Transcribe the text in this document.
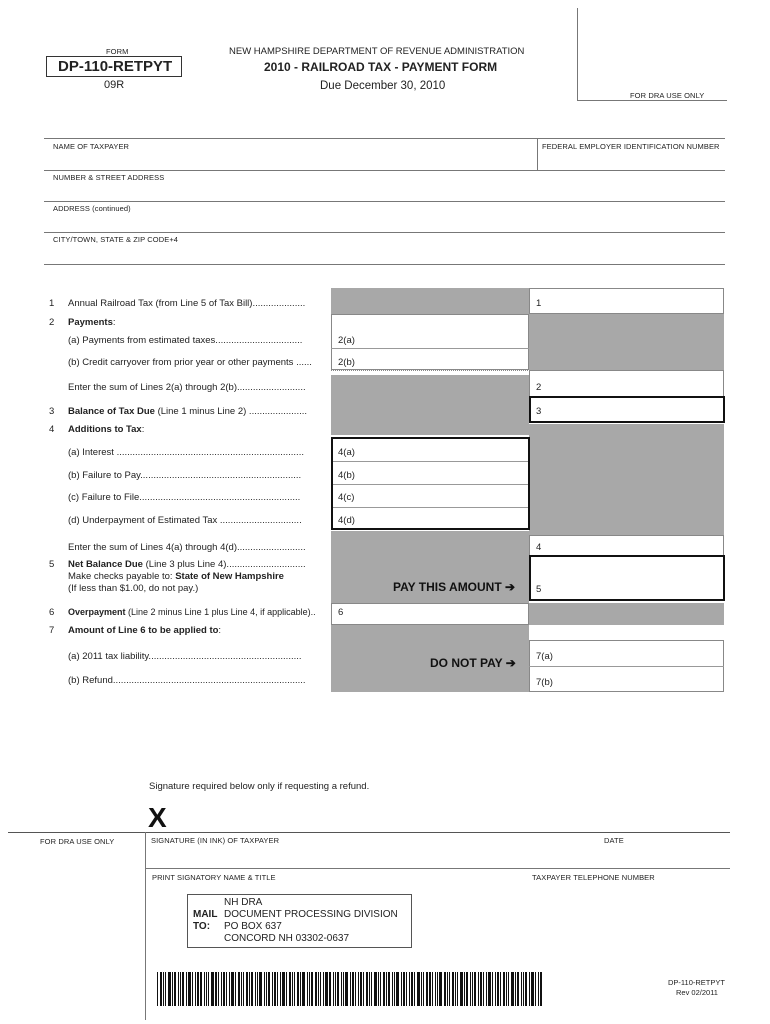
FOR DRA USE ONLY
FORM
DP-110-RETPYT
09R
NEW HAMPSHIRE DEPARTMENT OF REVENUE ADMINISTRATION
2010 - RAILROAD TAX - PAYMENT FORM
Due December 30, 2010
NAME OF TAXPAYER	FEDERAL EMPLOYER IDENTIFICATION NUMBER
NUMBER & STREET ADDRESS
ADDRESS (continued)
CITY/TOWN, STATE & ZIP CODE+4
1 Annual Railroad Tax (from Line 5 of Tax Bill)....................	1
2 Payments:
(a) Payments from estimated taxes.................................	2(a)
(b) Credit carryover from prior year or other payments ......	2(b)
Enter the sum of Lines 2(a) through 2(b)..........................	2
3 Balance of Tax Due (Line 1 minus Line 2) ......................	3
4 Additions to Tax:
(a) Interest .......................................................................	4(a)
(b) Failure to Pay.............................................................	4(b)
(c) Failure to File.............................................................	4(c)
(d) Underpayment of Estimated Tax ...............................	4(d)
Enter the sum of Lines 4(a) through 4(d)..........................	4
5 Net Balance Due (Line 3 plus Line 4)..............................
Make checks payable to: State of New Hampshire
(If less than $1.00, do not pay.)	PAY THIS AMOUNT ➔ 5
6 Overpayment (Line 2 minus Line 1 plus Line 4, if applicable).. 6
7 Amount of Line 6 to be applied to:
(a) 2011 tax liability..........................................................	7(a)
DO NOT PAY ➔
(b) Refund.........................................................................	7(b)
Signature required below only if requesting a refund.
X
FOR DRA USE ONLY	SIGNATURE (IN INK) OF TAXPAYER	DATE
PRINT SIGNATORY NAME & TITLE	TAXPAYER TELEPHONE NUMBER
MAIL
TO:
NH DRA
DOCUMENT PROCESSING DIVISION
PO BOX 637
CONCORD NH 03302-0637
DP-110-RETPYT
Rev 02/2011
